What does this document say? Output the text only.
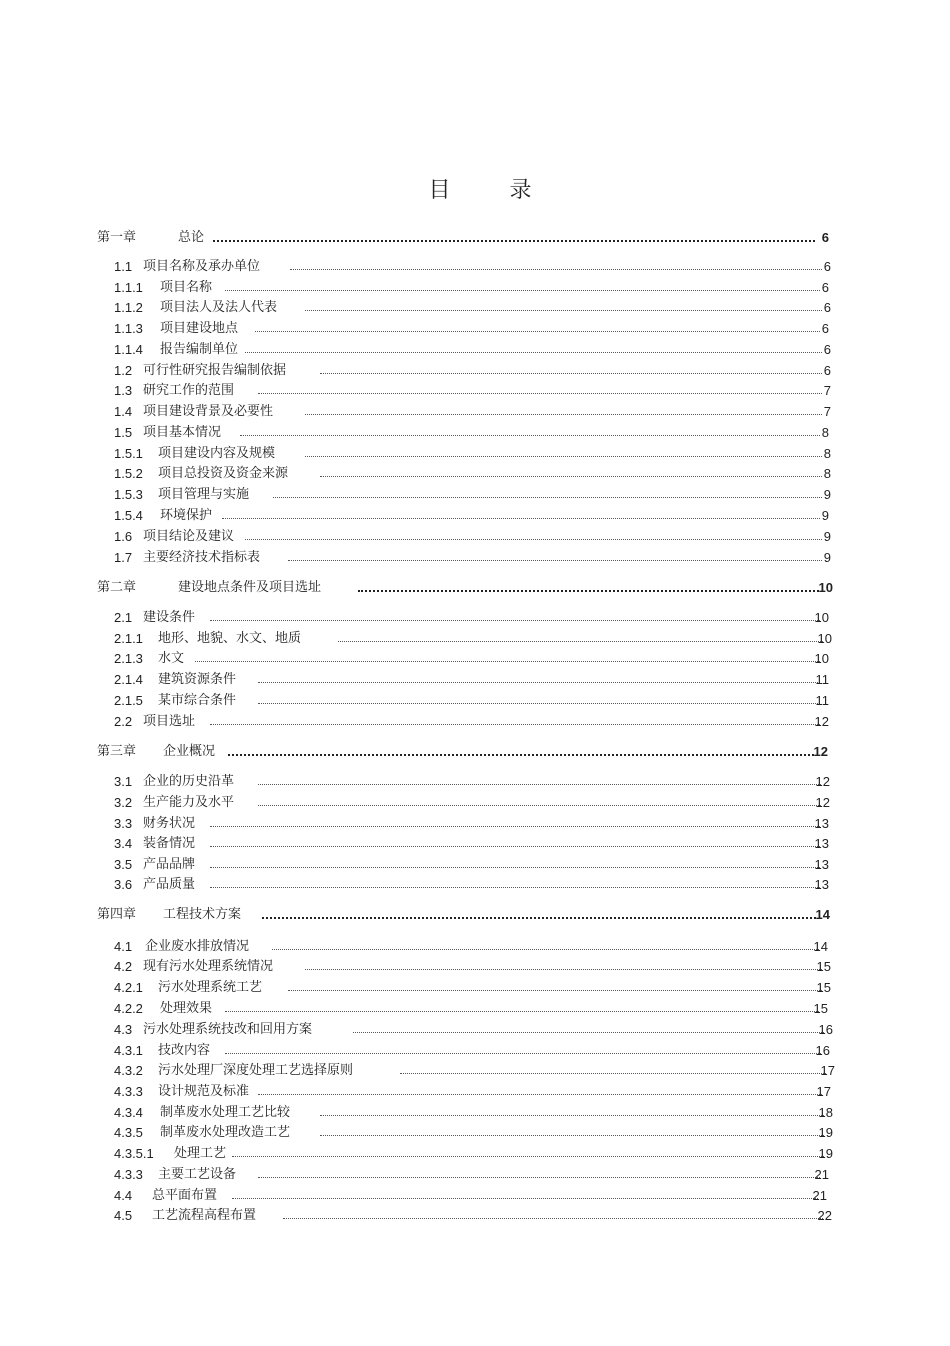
目 录
第一章	总论	6
1.1 项目名称及承办单位	6
1.1.1 项目名称	6
1.1.2 项目法人及法人代表	6
1.1.3 项目建设地点	6
1.1.4 报告编制单位	6
1.2 可行性研究报告编制依据	6
1.3 研究工作的范围	7
1.4 项目建设背景及必要性	7
1.5 项目基本情况	8
1.5.1 项目建设内容及规模	8
1.5.2 项目总投资及资金来源	8
1.5.3 项目管理与实施	9
1.5.4 环境保护	9
1.6 项目结论及建议	9
1.7 主要经济技术指标表	9
第二章	建设地点条件及项目选址	10
2.1 建设条件	10
2.1.1 地形、地貌、水文、地质	10
2.1.3 水文	10
2.1.4 建筑资源条件	11
2.1.5 某市综合条件	11
2.2 项目选址	12
第三章 企业概况	12
3.1 企业的历史沿革	12
3.2 生产能力及水平	12
3.3 财务状况	13
3.4 装备情况	13
3.5 产品品牌	13
3.6 产品质量	13
第四章 工程技术方案	14
4.1 企业废水排放情况	14
4.2 现有污水处理系统情况	15
4.2.1 污水处理系统工艺	15
4.2.2 处理效果	15
4.3 污水处理系统技改和回用方案	16
4.3.1 技改内容	16
4.3.2 污水处理厂深度处理工艺选择原则	17
4.3.3 设计规范及标准	17
4.3.4 制革废水处理工艺比较	18
4.3.5 制革废水处理改造工艺	19
4.3.5.1 处理工艺	19
4.3.3 主要工艺设备	21
4.4 总平面布置	21
4.5 工艺流程高程布置	22
